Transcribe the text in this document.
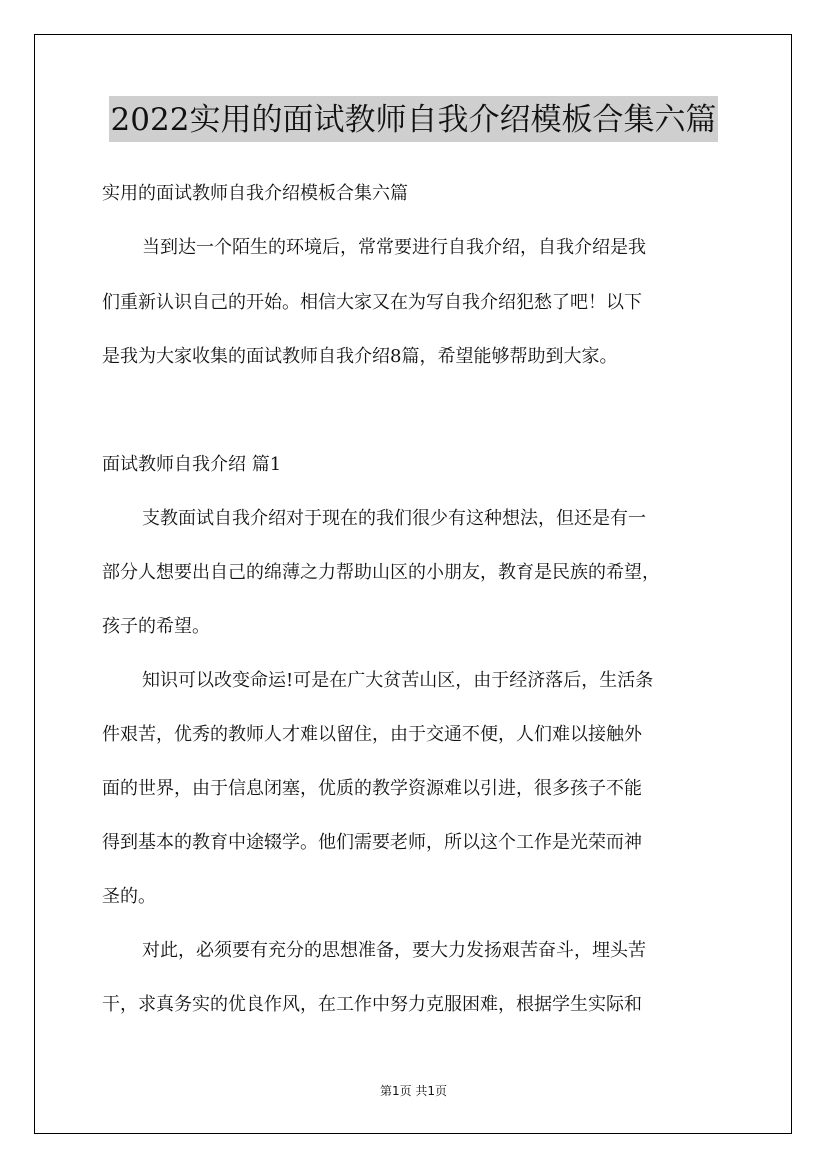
2022实用的面试教师自我介绍模板合集六篇
实用的面试教师自我介绍模板合集六篇
当到达一个陌生的环境后，常常要进行自我介绍，自我介绍是我
们重新认识自己的开始。相信大家又在为写自我介绍犯愁了吧！以下
是我为大家收集的面试教师自我介绍8篇，希望能够帮助到大家。
面试教师自我介绍 篇1
支教面试自我介绍对于现在的我们很少有这种想法，但还是有一
部分人想要出自己的绵薄之力帮助山区的小朋友，教育是民族的希望，
孩子的希望。
知识可以改变命运!可是在广大贫苦山区，由于经济落后，生活条
件艰苦，优秀的教师人才难以留住，由于交通不便，人们难以接触外
面的世界，由于信息闭塞，优质的教学资源难以引进，很多孩子不能
得到基本的教育中途辍学。他们需要老师，所以这个工作是光荣而神
圣的。
对此，必须要有充分的思想准备，要大力发扬艰苦奋斗，埋头苦
干，求真务实的优良作风，在工作中努力克服困难，根据学生实际和
第1页 共1页
